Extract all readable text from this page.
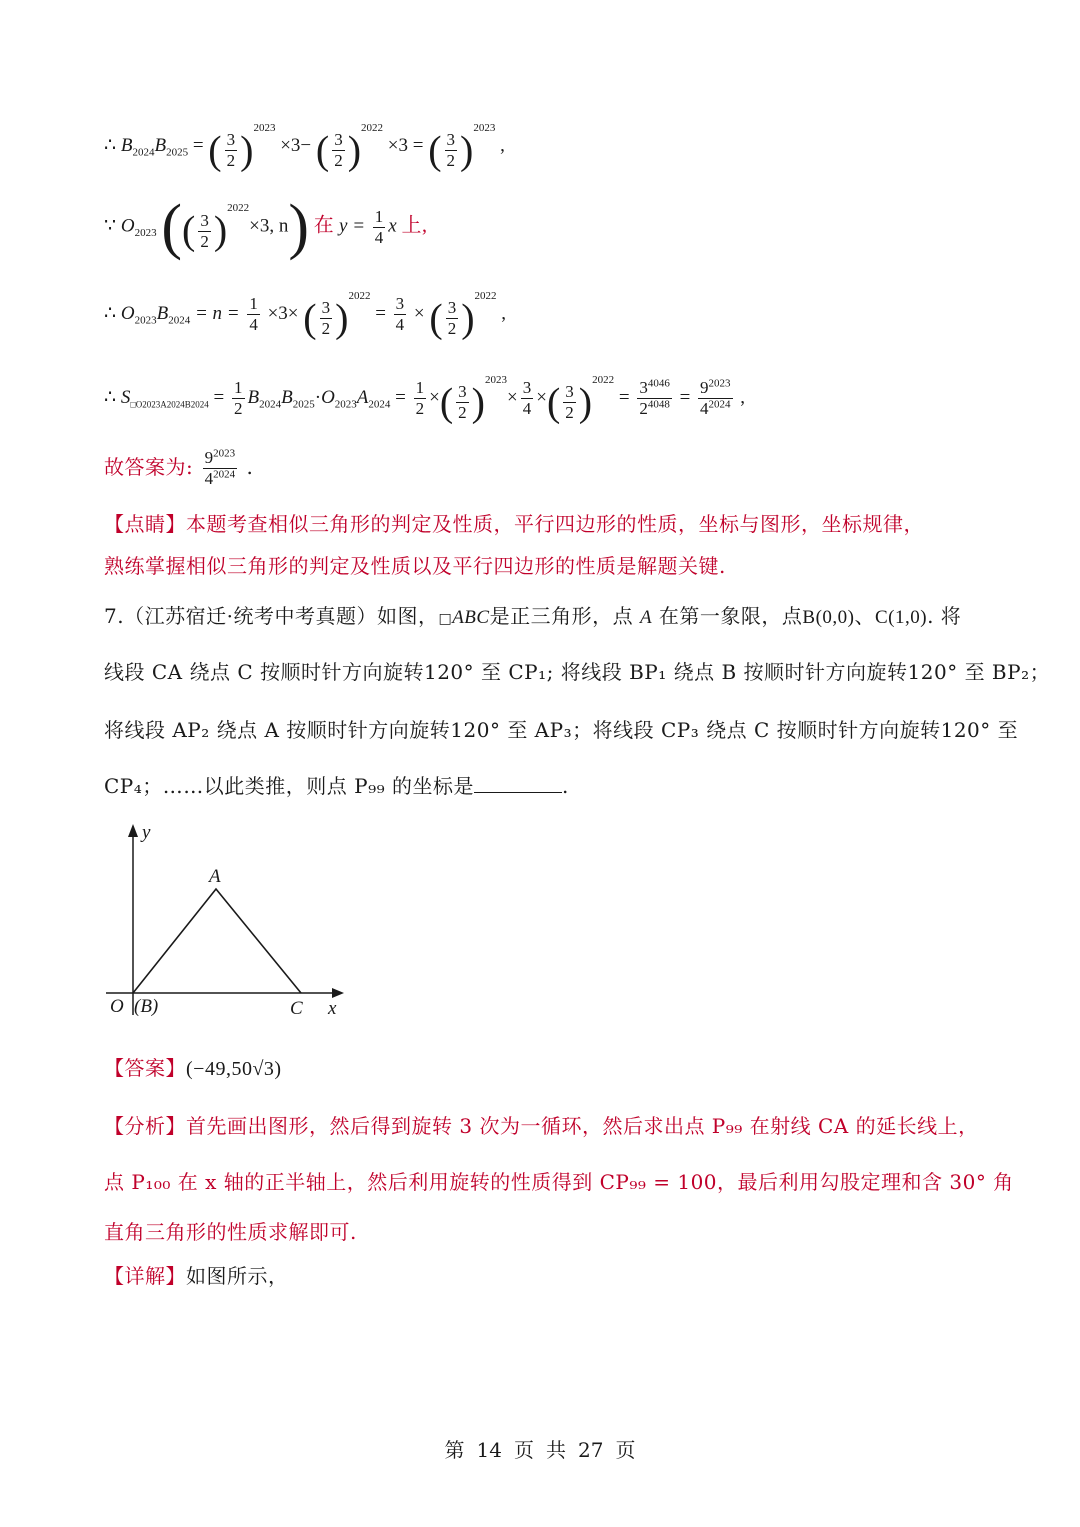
∴ $B_{2024}B_{2025}$ = ( $\frac{3}{2} )^{2023} \times 3-$ ( $\frac{3}{2} )^{2022} \times 3$ = ( $\frac{3}{2} )^{2023}$ ,
∵ $O_{2023}$ (( $\frac{3}{2} )^{2022}\times 3$, n) 在 $y = \frac{1}{4}$ x 上,
∴ $O_{2023}B_{2024} = n = \frac{1}{4} \times 3\times$ ( $\frac{3}{2} )^{2022} = \frac{3}{4}$ × ( $\frac{3}{2} )^{2022}$ ,
∴ $S_{□O2023A2024B2024} = \frac{1}{2} B_{2024}B_{2025}\cdot O_{2023}A_{2024} = \frac{1}{2}$ ×( $\frac{3}{2} )^{2023}\times \frac{3}{4}$ ×( $\frac{3}{2} )^{2022} = \frac{3^{4046}}{2^{4048}} = \frac{9^{2023}}{4^{2024}}$ ,
故答案为: $\frac{9^{2023}}{4^{2024}}$ .
【点睛】本题考查相似三角形的判定及性质，平行四边形的性质，坐标与图形，坐标规律，
熟练掌握相似三角形的判定及性质以及平行四边形的性质是解题关键.
7.（江苏宿迁·统考中考真题）如图，□ABC是正三角形，点 A 在第一象限，点B(0,0)、C(1,0). 将
线段 CA 绕点 C 按顺时针方向旋转120° 至 CP₁; 将线段 BP₁ 绕点 B 按顺时针方向旋转120° 至 BP₂；
将线段 AP₂ 绕点 A 按顺时针方向旋转120° 至 AP₃；将线段 CP₃ 绕点 C 按顺时针方向旋转120° 至
CP₄；……以此类推，则点 P₉₉ 的坐标是	.
y
A
O (B)	C x
【答案】(−49,50√3)
【分析】首先画出图形，然后得到旋转 3 次为一循环，然后求出点 P₉₉ 在射线 CA 的延长线上，
点 P₁₀₀ 在 x 轴的正半轴上，然后利用旋转的性质得到 CP₉₉ = 100，最后利用勾股定理和含 30° 角
直角三角形的性质求解即可.
【详解】如图所示，
第 14 页 共 27 页
